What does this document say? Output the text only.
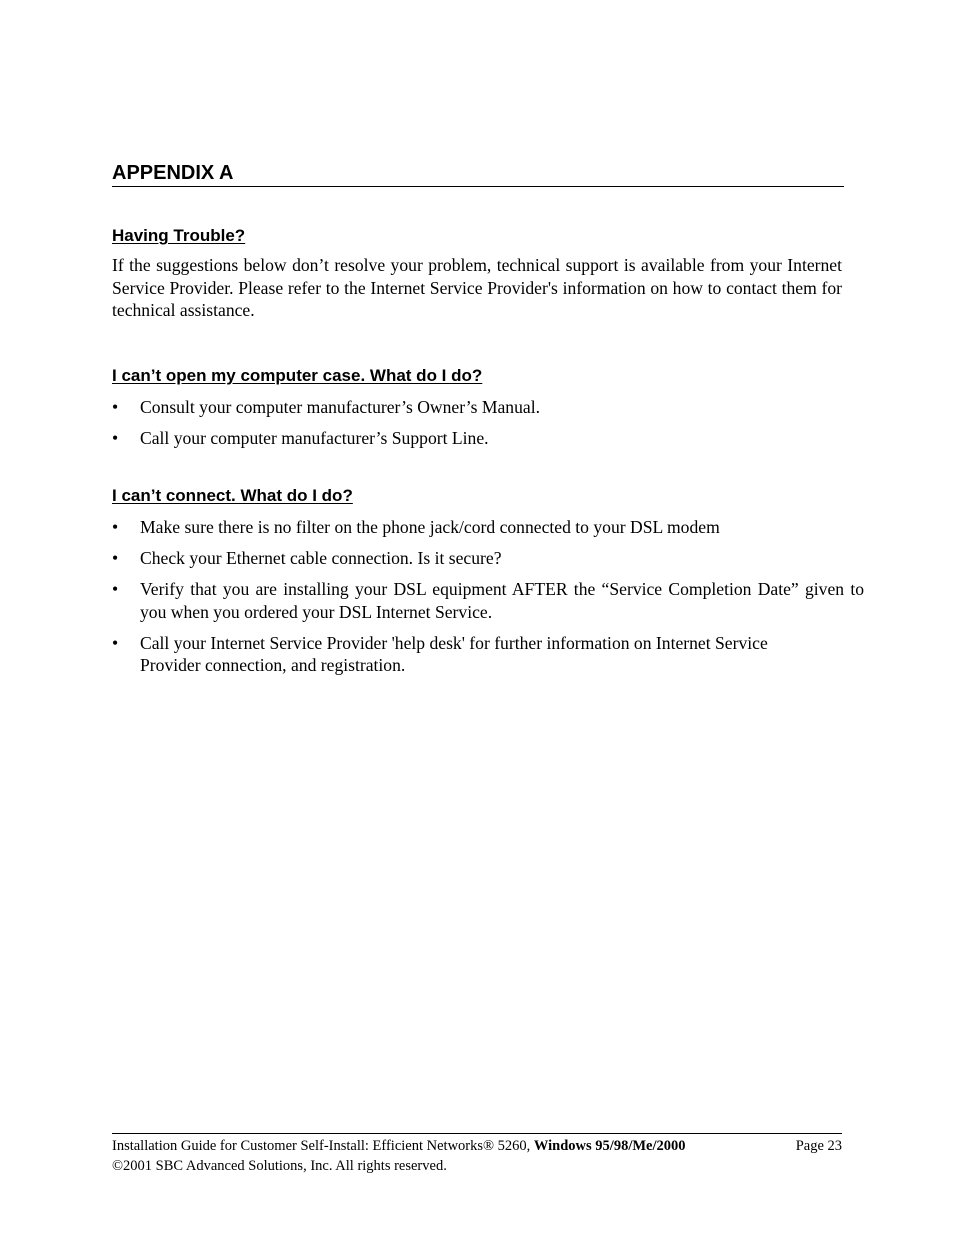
APPENDIX A
Having Trouble?
If the suggestions below don’t resolve your problem, technical support is available from your Internet Service Provider. Please refer to the Internet Service Provider's information on how to contact them for technical assistance.
I can’t open my computer case. What do I do?
•	Consult your computer manufacturer’s Owner’s Manual.
•	Call your computer manufacturer’s Support Line.
I can’t connect. What do I do?
•	Make sure there is no filter on the phone jack/cord connected to your DSL modem
•	Check your Ethernet cable connection. Is it secure?
•	Verify that you are installing your DSL equipment AFTER the “Service Completion Date” given to you when you ordered your DSL Internet Service.
•	Call your Internet Service Provider 'help desk' for further information on Internet Service Provider connection, and registration.
Installation Guide for Customer Self-Install: Efficient Networks® 5260, Windows 95/98/Me/2000	Page 23
©2001 SBC Advanced Solutions, Inc. All rights reserved.
